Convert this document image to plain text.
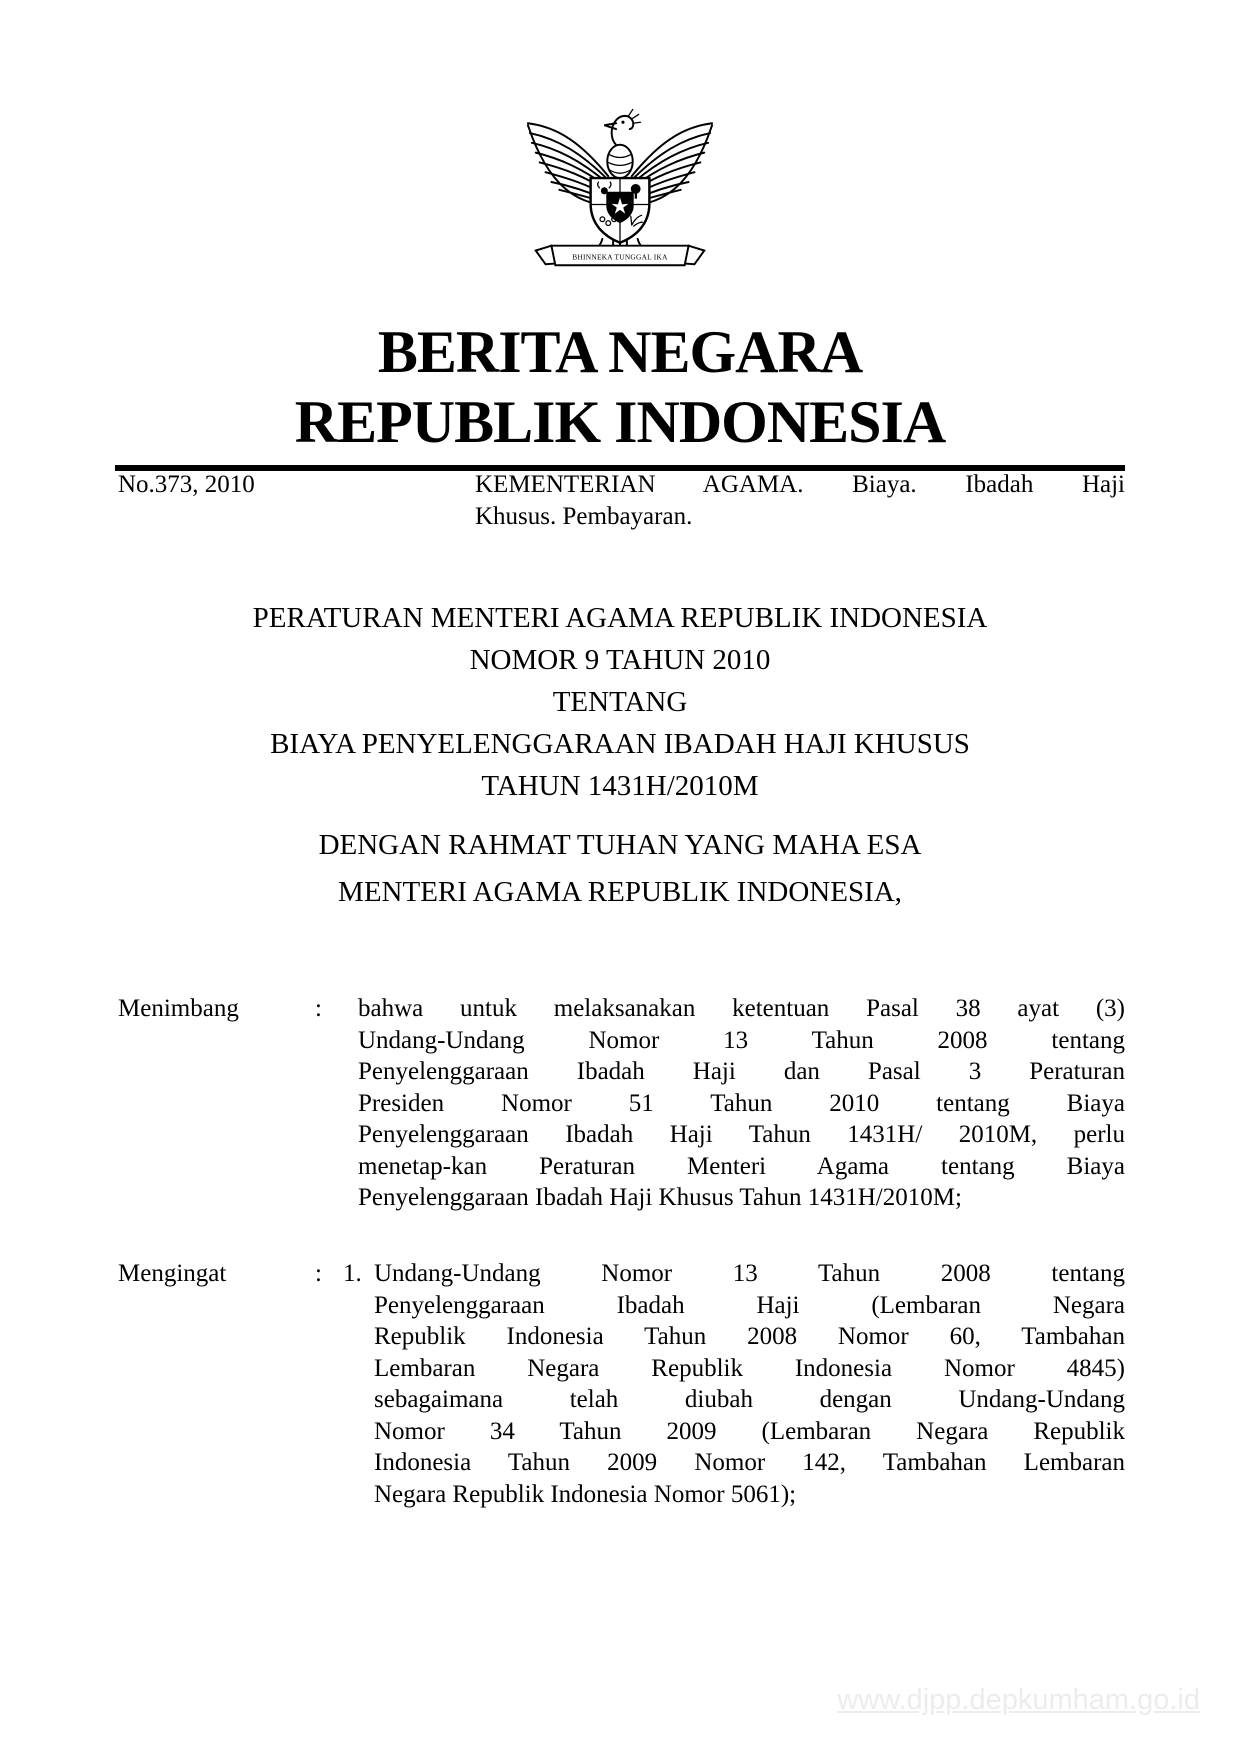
BHINNEKA TUNGGAL IKA
BERITA NEGARA
REPUBLIK INDONESIA
No.373, 2010	KEMENTERIAN AGAMA. Biaya. Ibadah Haji
Khusus. Pembayaran.
PERATURAN MENTERI AGAMA REPUBLIK INDONESIA
NOMOR 9 TAHUN 2010
TENTANG
BIAYA PENYELENGGARAAN IBADAH HAJI KHUSUS
TAHUN 1431H/2010M
DENGAN RAHMAT TUHAN YANG MAHA ESA
MENTERI AGAMA REPUBLIK INDONESIA,
Menimbang	: bahwa untuk melaksanakan ketentuan Pasal 38 ayat (3)
Undang-Undang Nomor 13 Tahun 2008 tentang
Penyelenggaraan Ibadah Haji dan Pasal 3 Peraturan
Presiden Nomor 51 Tahun 2010 tentang Biaya
Penyelenggaraan Ibadah Haji Tahun 1431H/ 2010M, perlu
menetap-kan Peraturan Menteri Agama tentang Biaya
Penyelenggaraan Ibadah Haji Khusus Tahun 1431H/2010M;
Mengingat	: 1. Undang-Undang Nomor 13 Tahun 2008 tentang
Penyelenggaraan Ibadah Haji (Lembaran Negara
Republik Indonesia Tahun 2008 Nomor 60, Tambahan
Lembaran Negara Republik Indonesia Nomor 4845)
sebagaimana telah diubah dengan Undang-Undang
Nomor 34 Tahun 2009 (Lembaran Negara Republik
Indonesia Tahun 2009 Nomor 142, Tambahan Lembaran
Negara Republik Indonesia Nomor 5061);
www.djpp.depkumham.go.id
